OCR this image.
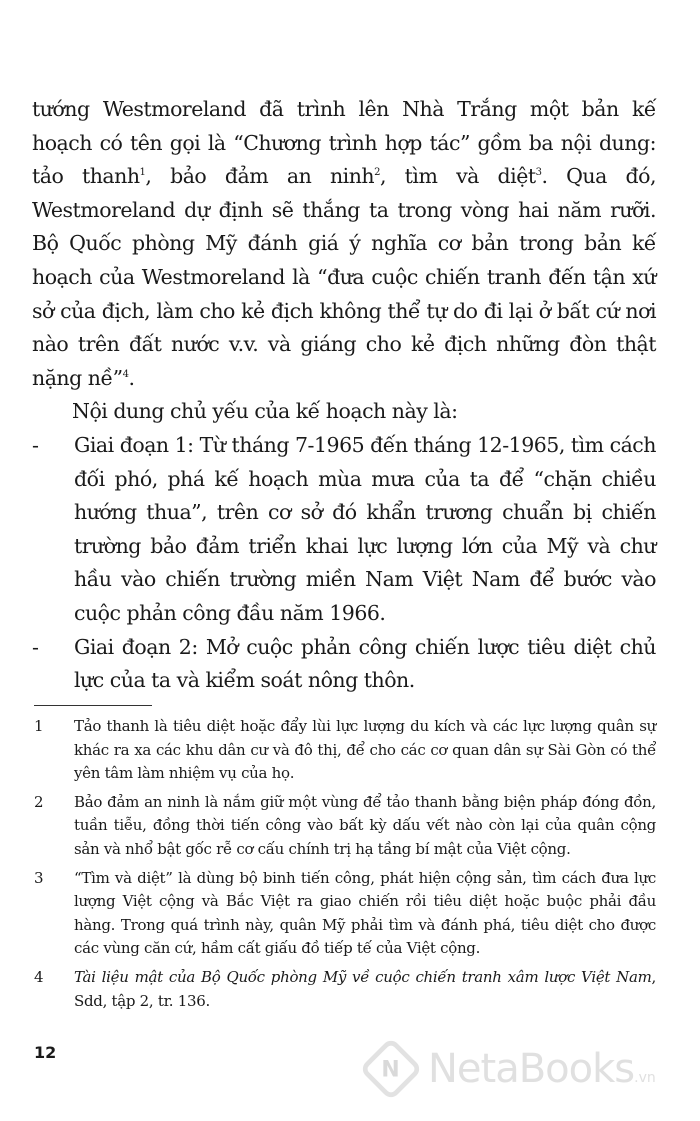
tướng Westmoreland đã trình lên Nhà Trắng một bản kế hoạch có tên gọi là “Chương trình hợp tác” gồm ba nội dung: tảo thanh$^1$, bảo đảm an ninh$^2$, tìm và diệt$^3$. Qua đó, Westmoreland dự định sẽ thắng ta trong vòng hai năm rưỡi. Bộ Quốc phòng Mỹ đánh giá ý nghĩa cơ bản trong bản kế hoạch của Westmoreland là “đưa cuộc chiến tranh đến tận xứ sở của địch, làm cho kẻ địch không thể tự do đi lại ở bất cứ nơi nào trên đất nước v.v. và giáng cho kẻ địch những đòn thật nặng nề”$^4$.

Nội dung chủ yếu của kế hoạch này là:

- Giai đoạn 1: Từ tháng 7-1965 đến tháng 12-1965, tìm cách đối phó, phá kế hoạch mùa mưa của ta để “chặn chiều hướng thua”, trên cơ sở đó khẩn trương chuẩn bị chiến trường bảo đảm triển khai lực lượng lớn của Mỹ và chư hầu vào chiến trường miền Nam Việt Nam để bước vào cuộc phản công đầu năm 1966.

- Giai đoạn 2: Mở cuộc phản công chiến lược tiêu diệt chủ lực của ta và kiểm soát nông thôn.

1 Tảo thanh là tiêu diệt hoặc đẩy lùi lực lượng du kích và các lực lượng quân sự khác ra xa các khu dân cư và đô thị, để cho các cơ quan dân sự Sài Gòn có thể yên tâm làm nhiệm vụ của họ.

2 Bảo đảm an ninh là nắm giữ một vùng để tảo thanh bằng biện pháp đóng đồn, tuần tiễu, đồng thời tiến công vào bất kỳ dấu vết nào còn lại của quân cộng sản và nhổ bật gốc rễ cơ cấu chính trị hạ tầng bí mật của Việt cộng.

3 “Tìm và diệt” là dùng bộ binh tiến công, phát hiện cộng sản, tìm cách đưa lực lượng Việt cộng và Bắc Việt ra giao chiến rồi tiêu diệt hoặc buộc phải đầu hàng. Trong quá trình này, quân Mỹ phải tìm và đánh phá, tiêu diệt cho được các vùng căn cứ, hầm cất giấu đồ tiếp tế của Việt cộng.

4 Tài liệu mật của Bộ Quốc phòng Mỹ về cuộc chiến tranh xâm lược Việt Nam, Sdd, tập 2, tr. 136.

12
N NetaBooks.vn
